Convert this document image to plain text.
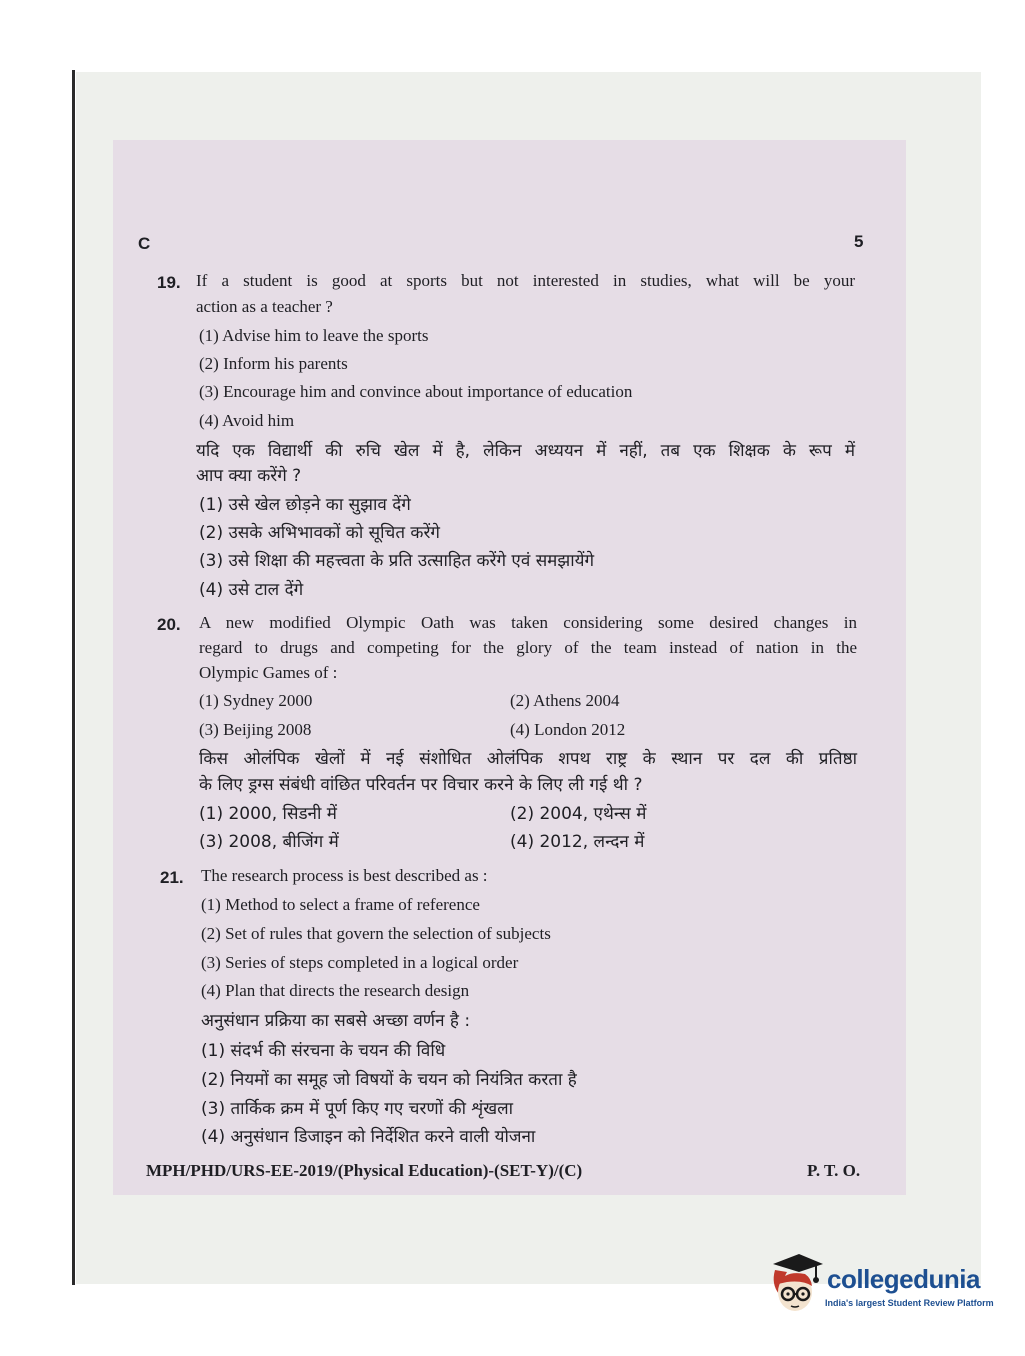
C	5
19. If a student is good at sports but not interested in studies, what will be your
action as a teacher ?
(1) Advise him to leave the sports
(2) Inform his parents
(3) Encourage him and convince about importance of education
(4) Avoid him
यदि एक विद्यार्थी की रुचि खेल में है, लेकिन अध्ययन में नहीं, तब एक शिक्षक के रूप में
आप क्या करेंगे ?
(1) उसे खेल छोड़ने का सुझाव देंगे
(2) उसके अभिभावकों को सूचित करेंगे
(3) उसे शिक्षा की महत्त्वता के प्रति उत्साहित करेंगे एवं समझायेंगे
(4) उसे टाल देंगे
20. A new modified Olympic Oath was taken considering some desired changes in
regard to drugs and competing for the glory of the team instead of nation in the
Olympic Games of :
(1) Sydney 2000	(2) Athens 2004
(3) Beijing 2008	(4) London 2012
किस ओलंपिक खेलों में नई संशोधित ओलंपिक शपथ राष्ट्र के स्थान पर दल की प्रतिष्ठा
के लिए ड्रग्स संबंधी वांछित परिवर्तन पर विचार करने के लिए ली गई थी ?
(1) 2000, सिडनी में	(2) 2004, एथेन्स में
(3) 2008, बीजिंग में	(4) 2012, लन्दन में
21. The research process is best described as :
(1) Method to select a frame of reference
(2) Set of rules that govern the selection of subjects
(3) Series of steps completed in a logical order
(4) Plan that directs the research design
अनुसंधान प्रक्रिया का सबसे अच्छा वर्णन है :
(1) संदर्भ की संरचना के चयन की विधि
(2) नियमों का समूह जो विषयों के चयन को नियंत्रित करता है
(3) तार्किक क्रम में पूर्ण किए गए चरणों की शृंखला
(4) अनुसंधान डिजाइन को निर्देशित करने वाली योजना
MPH/PHD/URS-EE-2019/(Physical Education)-(SET-Y)/(C)	P. T. O.
collegedunia
India's largest Student Review Platform
